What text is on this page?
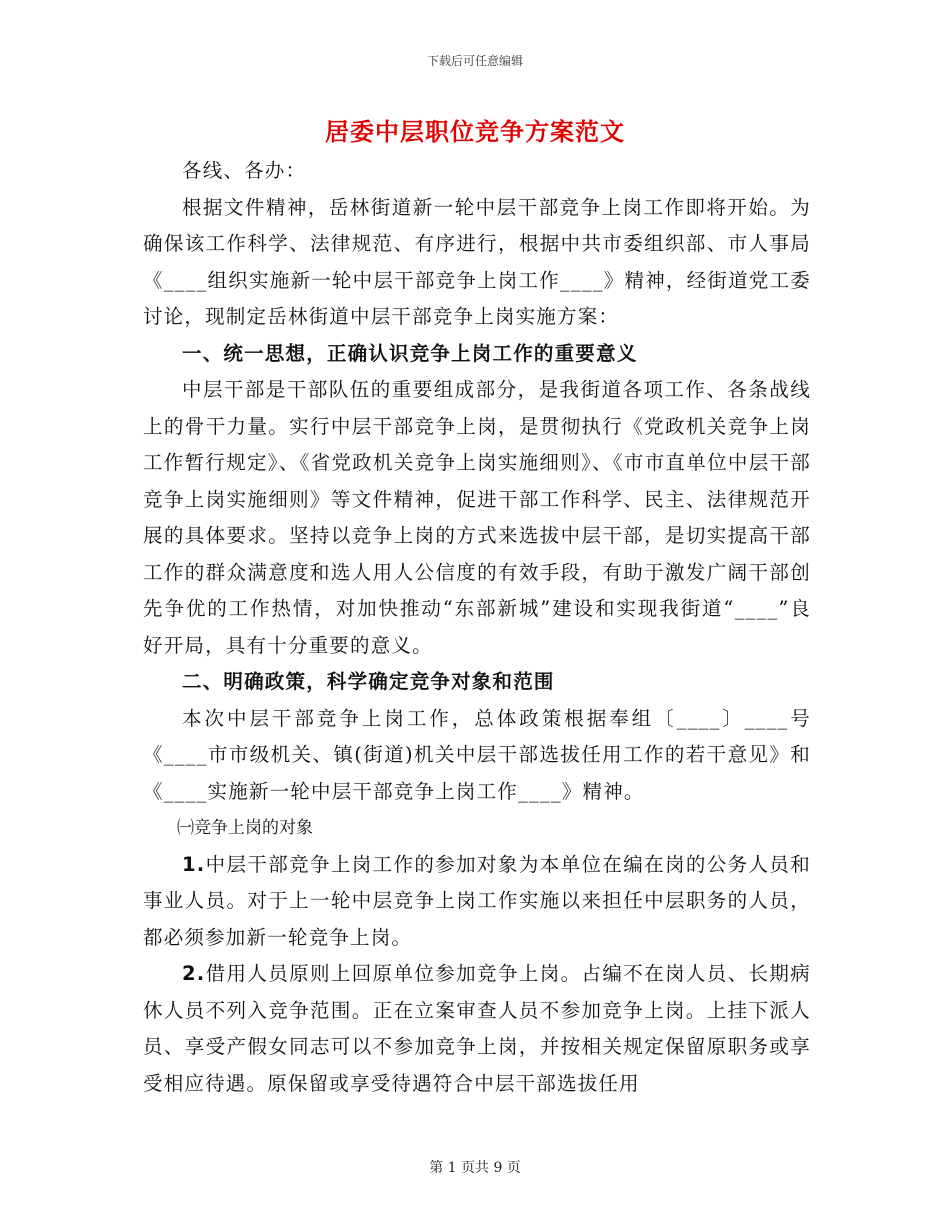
下载后可任意编辑
居委中层职位竞争方案范文

各线、各办：

根据文件精神，岳林街道新一轮中层干部竞争上岗工作即将开始。为确保该工作科学、法律规范、有序进行，根据中共市委组织部、市人事局《____组织实施新一轮中层干部竞争上岗工作____》精神，经街道党工委讨论，现制定岳林街道中层干部竞争上岗实施方案：

一、统一思想，正确认识竞争上岗工作的重要意义

中层干部是干部队伍的重要组成部分，是我街道各项工作、各条战线上的骨干力量。实行中层干部竞争上岗，是贯彻执行《党政机关竞争上岗工作暂行规定》、《省党政机关竞争上岗实施细则》、《市市直单位中层干部竞争上岗实施细则》等文件精神，促进干部工作科学、民主、法律规范开展的具体要求。坚持以竞争上岗的方式来选拔中层干部，是切实提高干部工作的群众满意度和选人用人公信度的有效手段，有助于激发广阔干部创先争优的工作热情，对加快推动“东部新城”建设和实现我街道“____”良好开局，具有十分重要的意义。

二、明确政策，科学确定竞争对象和范围

本次中层干部竞争上岗工作，总体政策根据奉组〔____〕____号《____市市级机关、镇(街道)机关中层干部选拔任用工作的若干意见》和《____实施新一轮中层干部竞争上岗工作____》精神。

㈠竞争上岗的对象

1.中层干部竞争上岗工作的参加对象为本单位在编在岗的公务人员和事业人员。对于上一轮中层竞争上岗工作实施以来担任中层职务的人员，都必须参加新一轮竞争上岗。

2.借用人员原则上回原单位参加竞争上岗。占编不在岗人员、长期病休人员不列入竞争范围。正在立案审查人员不参加竞争上岗。上挂下派人员、享受产假女同志可以不参加竞争上岗，并按相关规定保留原职务或享受相应待遇。原保留或享受待遇符合中层干部选拔任用

第 1 页共 9 页
